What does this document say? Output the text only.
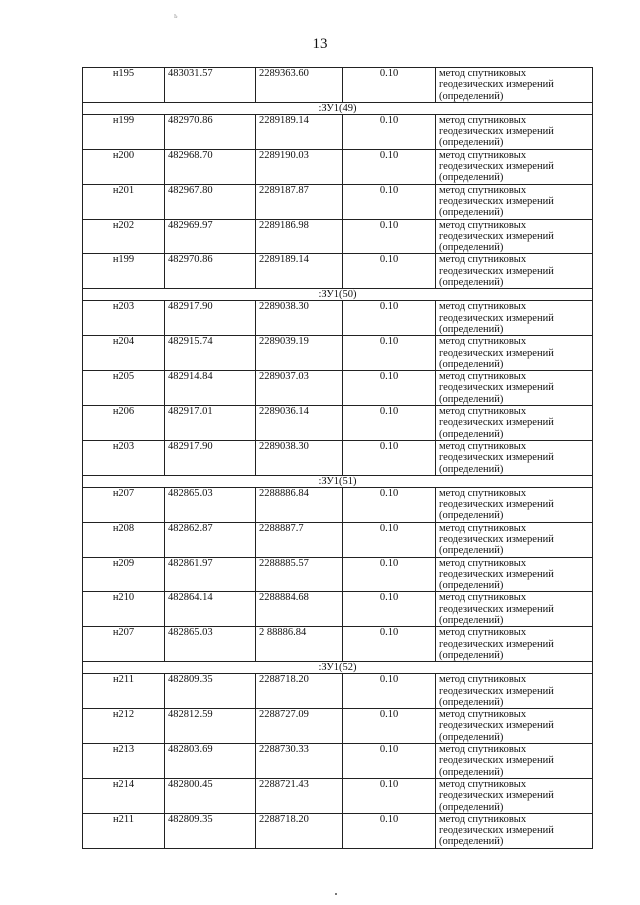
Ь
13
н195	483031.57	2289363.60	0.10	метод спутниковых геодезических измерений (определений)
:ЗУ1(49)				
н199	482970.86	2289189.14	0.10	метод спутниковых геодезических измерений (определений)
н200	482968.70	2289190.03	0.10	метод спутниковых геодезических измерений (определений)
н201	482967.80	2289187.87	0.10	метод спутниковых геодезических измерений (определений)
н202	482969.97	2289186.98	0.10	метод спутниковых геодезических измерений (определений)
н199	482970.86	2289189.14	0.10	метод спутниковых геодезических измерений (определений)
:ЗУ1(50)				
н203	482917.90	2289038.30	0.10	метод спутниковых геодезических измерений (определений)
н204	482915.74	2289039.19	0.10	метод спутниковых геодезических измерений (определений)
н205	482914.84	2289037.03	0.10	метод спутниковых геодезических измерений (определений)
н206	482917.01	2289036.14	0.10	метод спутниковых геодезических измерений (определений)
н203	482917.90	2289038.30	0.10	метод спутниковых геодезических измерений (определений)
:ЗУ1(51)				
н207	482865.03	2288886.84	0.10	метод спутниковых геодезических измерений (определений)
н208	482862.87	2288887.7	0.10	метод спутниковых геодезических измерений (определений)
н209	482861.97	2288885.57	0.10	метод спутниковых геодезических измерений (определений)
н210	482864.14	2288884.68	0.10	метод спутниковых геодезических измерений (определений)
н207	482865.03	2 88886.84	0.10	метод спутниковых геодезических измерений (определений)
:ЗУ1(52)				
н211	482809.35	2288718.20	0.10	метод спутниковых геодезических измерений (определений)
н212	482812.59	2288727.09	0.10	метод спутниковых геодезических измерений (определений)
н213	482803.69	2288730.33	0.10	метод спутниковых геодезических измерений (определений)
н214	482800.45	2288721.43	0.10	метод спутниковых геодезических измерений (определений)
н211	482809.35	2288718.20	0.10	метод спутниковых геодезических измерений (определений)
